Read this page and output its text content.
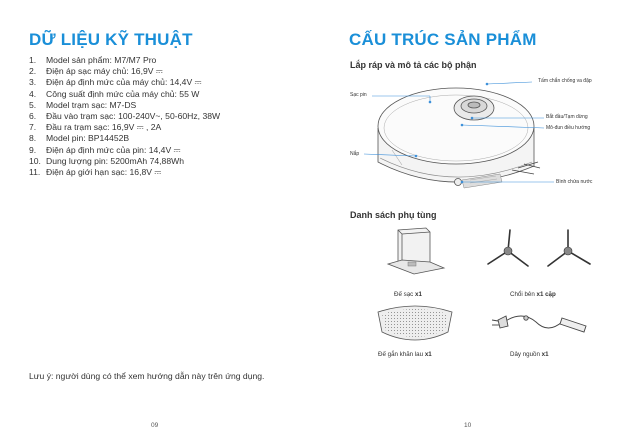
DỮ LIỆU KỸ THUẬT
1.	Model sản phẩm: M7/M7 Pro
2.	Điện áp sạc máy chủ: 16,9V ⎓
3.	Điện áp định mức của máy chủ: 14,4V ⎓
4.	Công suất định mức của máy chủ: 55 W
5.	Model trạm sạc: M7-DS
6.	Đầu vào trạm sạc: 100-240V~, 50-60Hz, 38W
7.	Đầu ra trạm sạc: 16,9V ⎓ , 2A
8.	Model pin: BP14452B
9.	Điện áp định mức của pin: 14,4V ⎓
10. Dung lượng pin: 5200mAh 74,88Wh
11. Điện áp giới hạn sạc: 16,8V ⎓
Lưu ý: người dùng có thể xem hướng dẫn này trên ứng dụng.
09
CẤU TRÚC SẢN PHẨM
Lắp ráp và mô tả các bộ phận
Tấm chắn chống va đập
Sạc pin
Bắt đầu/Tạm dừng
Mô-đun điều hướng
Nắp
Bình chứa nước
Danh sách phụ tùng
Đế sạc x1	Chổi bên x1 cặp
Đế gắn khăn lau x1	Dây nguồn x1
10
